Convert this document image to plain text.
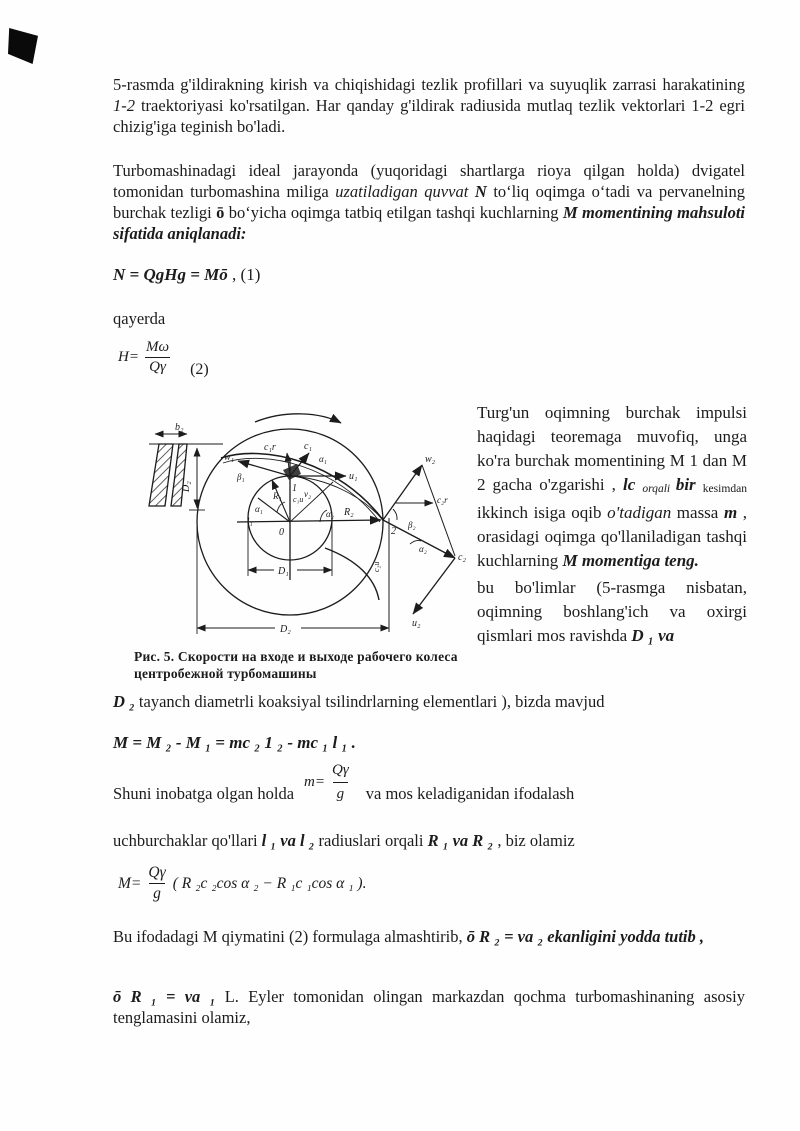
5-rasmda g'ildirakning kirish va chiqishidagi tezlik profillari va suyuqlik zarrasi harakatining 1-2 traektoriyasi ko'rsatilgan. Har qanday g'ildirak radiusida mutlaq tezlik vektorlari 1-2 egri chizig'iga teginish bo'ladi.
Turbomashinadagi ideal jarayonda (yuqoridagi shartlarga rioya qilgan holda) dvigatel tomonidan turbomashina miliga uzatiladigan quvvat N to‘liq oqimga o‘tadi va pervanelning burchak tezligi ō bo‘yicha oqimga tatbiq etilgan tashqi kuchlarning M momentining mahsuloti sifatida aniqlanadi:
N = QgHg = Mō , (1)
qayerda
$H= \frac{M\omega}{Q\gamma} (2)$
b₂
D₂
w₁
c₁r	c₁
α₁
u₁
β₁
R₁ c₁u
α₁
l₁
0
1 v₂
R₂
α₂
2
w₂
c₂r
β₂
α₂
c₂
u₂
c₂u
D₁
D₂
Рис. 5. Скорости на входе и выходе рабочего колеса
центробежной турбомашины

Turg'un oqimning burchak impulsi haqidagi teoremaga muvofiq, unga ko'ra burchak momentining M 1 dan M 2 gacha o'zgarishi , lc orqali bir kesimdan ikkinch isiga oqib o'tadigan massa m , orasidagi oqimga qo'llaniladigan tashqi kuchlarning M momentiga teng.

bu bo'limlar (5-rasmga nisbatan, oqimning boshlang'ich va oxirgi qismlari mos ravishda D ₁ va

D ₂ tayanch diametrli koaksiyal tsilindrlarning elementlari ), bizda mavjud
M = M ₂ - M ₁ = mc ₂ 1 ₂ - mc ₁ l ₁ .
Shuni inobatga olgan holda
$m= \frac{Q\gamma}{g}$ va mos keladiganidan ifodalash
uchburchaklar qo'llari l ₁ va l ₂ radiuslari orqali R ₁ va R ₂ , biz olamiz
$M= \frac{Q\gamma}{g}$ ( R ₂c ₂cos α ₂ − R ₁c ₁cos α ₁ ).
Bu ifodadagi M qiymatini (2) formulaga almashtirib, ō R ₂ = va ₂ ekanligini yodda tutib ,
ō R ₁ = va ₁ L. Eyler tomonidan olingan markazdan qochma turbomashinaning asosiy tenglamasini olamiz,
